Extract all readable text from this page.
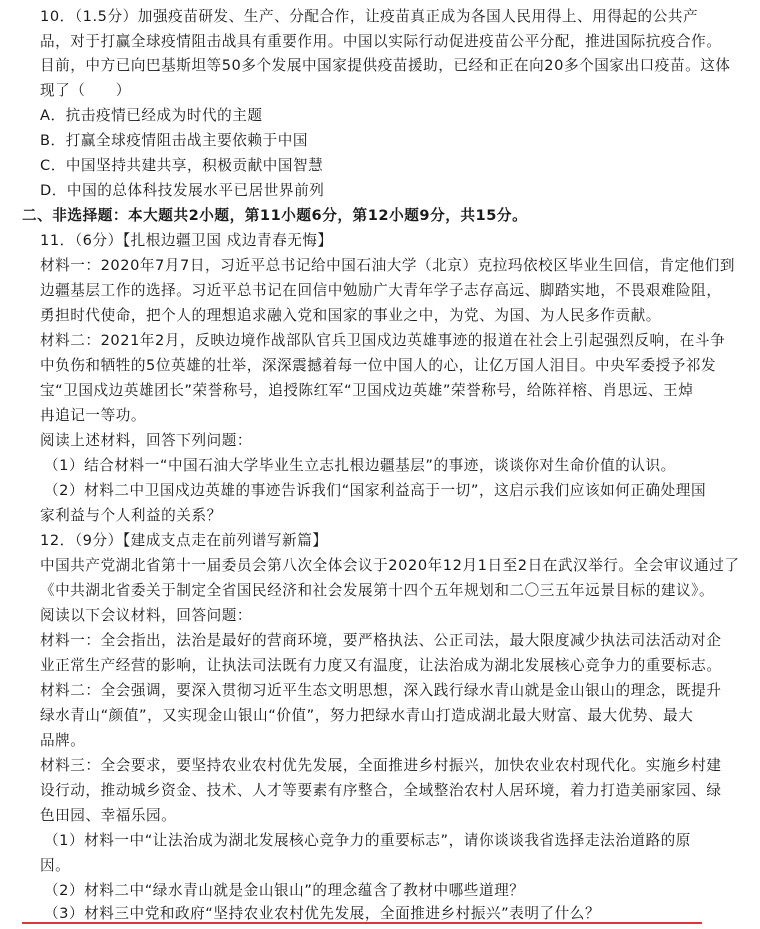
10．（1.5分）加强疫苗研发、生产、分配合作，让疫苗真正成为各国人民用得上、用得起的公共产
品，对于打赢全球疫情阻击战具有重要作用。中国以实际行动促进疫苗公平分配，推进国际抗疫合作。
目前，中方已向巴基斯坦等50多个发展中国家提供疫苗援助，已经和正在向20多个国家出口疫苗。这体
现了（　　）
A．抗击疫情已经成为时代的主题
B．打赢全球疫情阻击战主要依赖于中国
C．中国坚持共建共享，积极贡献中国智慧
D．中国的总体科技发展水平已居世界前列
二、非选择题：本大题共2小题，第11小题6分，第12小题9分，共15分。
11．（6分）【扎根边疆卫国 戍边青春无悔】
材料一：2020年7月7日，习近平总书记给中国石油大学（北京）克拉玛依校区毕业生回信，肯定他们到
边疆基层工作的选择。习近平总书记在回信中勉励广大青年学子志存高远、脚踏实地，不畏艰难险阻，
勇担时代使命，把个人的理想追求融入党和国家的事业之中，为党、为国、为人民多作贡献。
材料二：2021年2月，反映边境作战部队官兵卫国戍边英雄事迹的报道在社会上引起强烈反响，在斗争
中负伤和牺牲的5位英雄的壮举，深深震撼着每一位中国人的心，让亿万国人泪目。中央军委授予祁发
宝“卫国戍边英雄团长”荣誉称号，追授陈红军“卫国戍边英雄”荣誉称号，给陈祥榕、肖思远、王焯
冉追记一等功。
阅读上述材料，回答下列问题：
（1）结合材料一“中国石油大学毕业生立志扎根边疆基层”的事迹，谈谈你对生命价值的认识。
（2）材料二中卫国戍边英雄的事迹告诉我们“国家利益高于一切”，这启示我们应该如何正确处理国
家利益与个人利益的关系？
12．（9分）【建成支点走在前列谱写新篇】
中国共产党湖北省第十一届委员会第八次全体会议于2020年12月1日至2日在武汉举行。全会审议通过了
《中共湖北省委关于制定全省国民经济和社会发展第十四个五年规划和二〇三五年远景目标的建议》。
阅读以下会议材料，回答问题：
材料一：全会指出，法治是最好的营商环境，要严格执法、公正司法，最大限度减少执法司法活动对企
业正常生产经营的影响，让执法司法既有力度又有温度，让法治成为湖北发展核心竞争力的重要标志。
材料二：全会强调，要深入贯彻习近平生态文明思想，深入践行绿水青山就是金山银山的理念，既提升
绿水青山“颜值”，又实现金山银山“价值”，努力把绿水青山打造成湖北最大财富、最大优势、最大
品牌。
材料三：全会要求，要坚持农业农村优先发展，全面推进乡村振兴，加快农业农村现代化。实施乡村建
设行动，推动城乡资金、技术、人才等要素有序整合，全域整治农村人居环境，着力打造美丽家园、绿
色田园、幸福乐园。
（1）材料一中“让法治成为湖北发展核心竞争力的重要标志”，请你谈谈我省选择走法治道路的原
因。
（2）材料二中“绿水青山就是金山银山”的理念蕴含了教材中哪些道理？
（3）材料三中党和政府“坚持农业农村优先发展，全面推进乡村振兴”表明了什么？
